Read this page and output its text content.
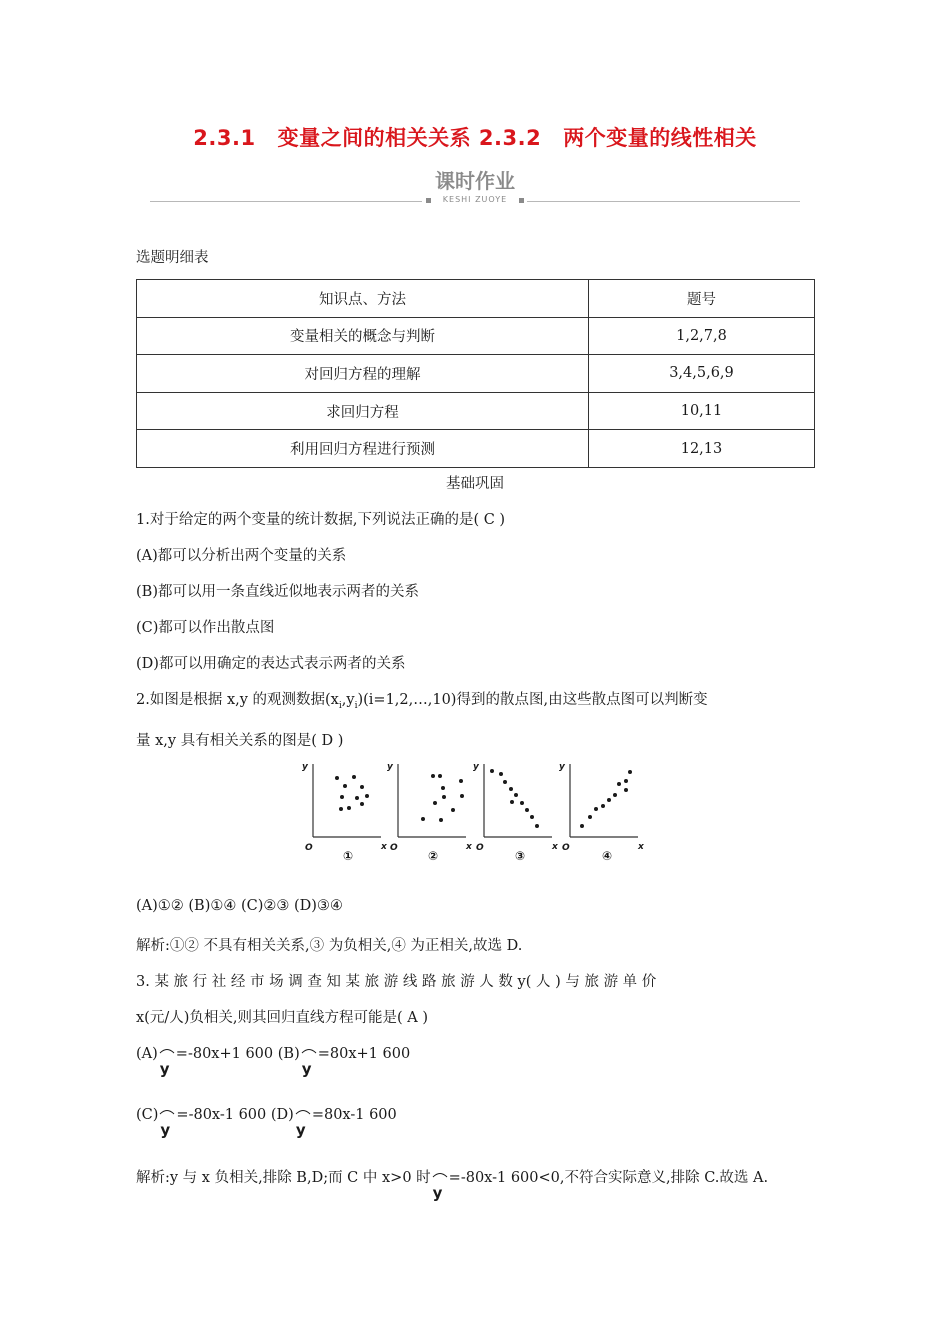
2.3.1 变量之间的相关关系 2.3.2 两个变量的线性相关
课时作业
KESHI ZUOYE
选题明细表
知识点、方法	题号
变量相关的概念与判断	1,2,7,8
对回归方程的理解	3,4,5,6,9
求回归方程	10,11
利用回归方程进行预测	12,13
基础巩固
1.对于给定的两个变量的统计数据,下列说法正确的是( C )
(A)都可以分析出两个变量的关系
(B)都可以用一条直线近似地表示两者的关系
(C)都可以作出散点图
(D)都可以用确定的表达式表示两者的关系
2.如图是根据 x,y 的观测数据$(x_i,y_i)(i=1,2,\dots,10)$得到的散点图,由这些散点图可以判断变
量 x,y 具有相关关系的图是( D )
y
x
O
①
y
x
O
②
y
x
O
③
y
x
O
④
(A)①② (B)①④ (C)②③ (D)③④
解析:①② 不具有相关关系,③ 为负相关,④ 为正相关,故选 D.
3. 某 旅 行 社 经 市 场 调 查 知 某 旅 游 线 路 旅 游 人 数 y( 人 ) 与 旅 游 单 价
x(元/人)负相关,则其回归直线方程可能是( A )
(A)
y
=-80x+1 600 (B)
y
=80x+1 600
(C)
y
=-80x-1 600 (D)
y
=80x-1 600
解析:y 与 x 负相关,排除 B,D;而 C 中 x>0 时
y
=-80x-1 600<0,不符合实际意义,排除 C.故选 A.
